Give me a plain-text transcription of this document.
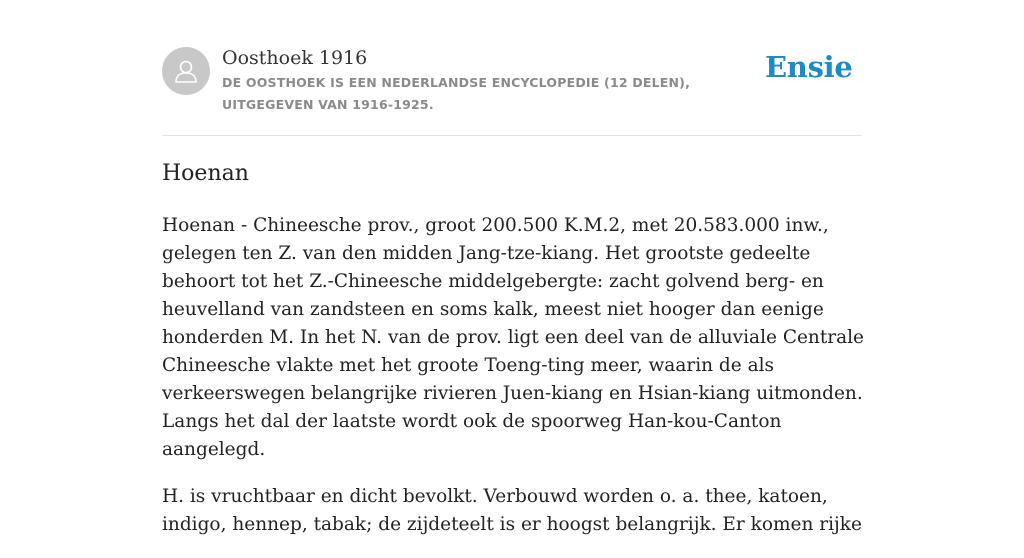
Oosthoek 1916
DE OOSTHOEK IS EEN NEDERLANDSE ENCYCLOPEDIE (12 DELEN), UITGEGEVEN VAN 1916-1925.
Ensie
Hoenan

Hoenan - Chineesche prov., groot 200.500 K.M.2, met 20.583.000 inw., gelegen ten Z. van den midden Jang-tze-kiang. Het grootste gedeelte behoort tot het Z.-Chineesche middelgebergte: zacht golvend berg- en heuvelland van zandsteen en soms kalk, meest niet hooger dan eenige honderden M. In het N. van de prov. ligt een deel van de alluviale Centrale Chineesche vlakte met het groote Toeng-ting meer, waarin de als verkeerswegen belangrijke rivieren Juen-kiang en Hsian-kiang uitmonden. Langs het dal der laatste wordt ook de spoorweg Han-kou-Canton aangelegd.

H. is vruchtbaar en dicht bevolkt. Verbouwd worden o. a. thee, katoen, indigo, hennep, tabak; de zijdeteelt is er hoogst belangrijk. Er komen rijke
